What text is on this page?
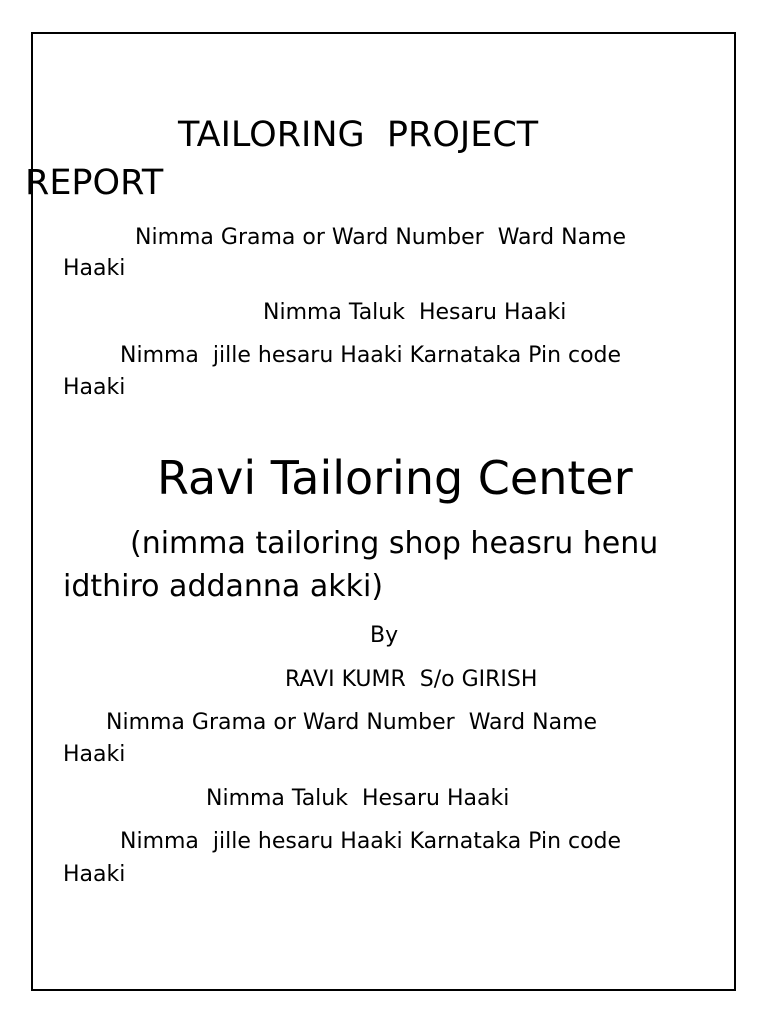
TAILORING  PROJECT
REPORT
Nimma Grama or Ward Number  Ward Name
Haaki
Nimma Taluk  Hesaru Haaki
Nimma  jille hesaru Haaki Karnataka Pin code
Haaki
Ravi Tailoring Center
(nimma tailoring shop heasru henu
idthiro addanna akki)
By
RAVI KUMR  S/o GIRISH
Nimma Grama or Ward Number  Ward Name
Haaki
Nimma Taluk  Hesaru Haaki
Nimma  jille hesaru Haaki Karnataka Pin code
Haaki
